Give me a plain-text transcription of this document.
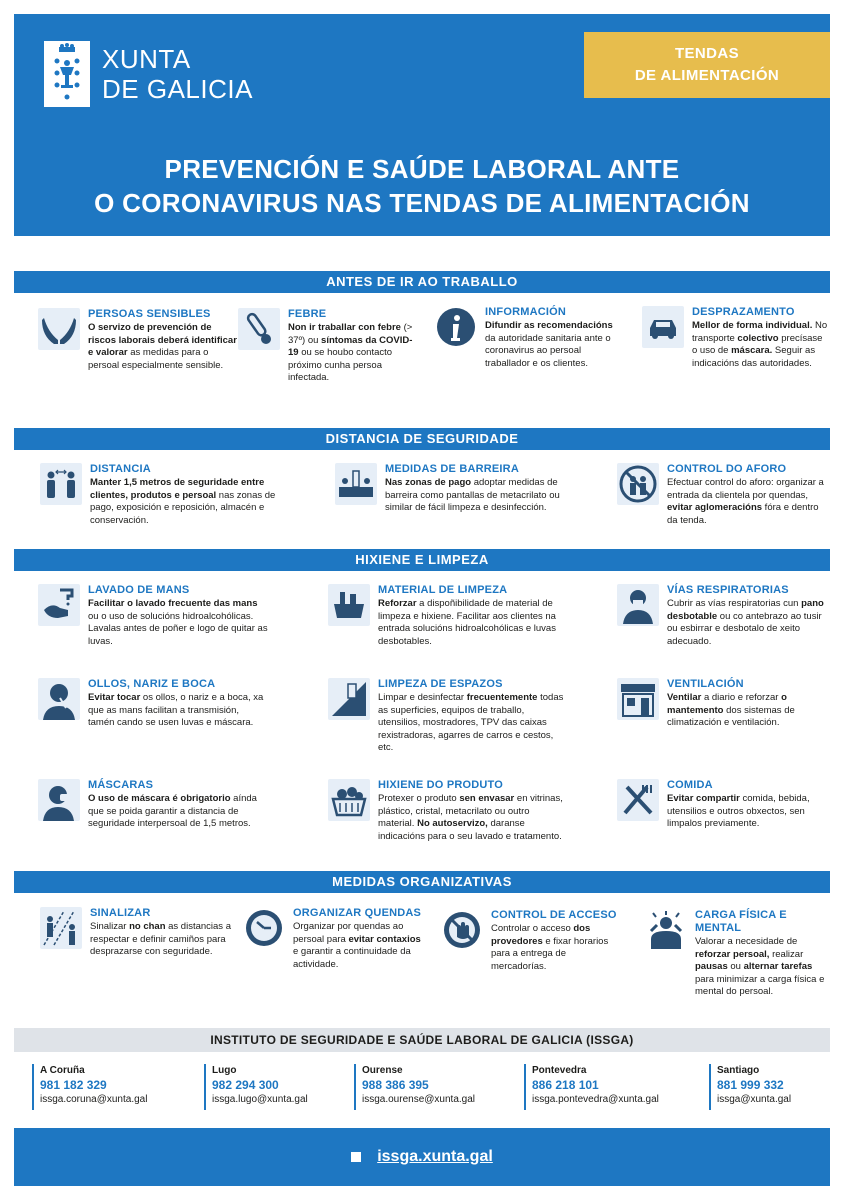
XUNTA
DE GALICIA
TENDAS
DE ALIMENTACIÓN
PREVENCIÓN E SAÚDE LABORAL ANTE
O CORONAVIRUS NAS TENDAS DE ALIMENTACIÓN
ANTES DE IR AO TRABALLO
PERSOAS SENSIBLES
O servizo de prevención de riscos laborais deberá identificar e valorar as medidas para o persoal especialmente sensible.
FEBRE
Non ir traballar con febre (> 37º) ou síntomas da COVID-19 ou se houbo contacto próximo cunha persoa infectada.
INFORMACIÓN
Difundir as recomendacións da autoridade sanitaria ante o coronavirus ao persoal traballador e os clientes.
DESPRAZAMENTO
Mellor de forma individual. No transporte colectivo precísase o uso de máscara. Seguir as indicacións das autoridades.
DISTANCIA DE SEGURIDADE
DISTANCIA
Manter 1,5 metros de seguridade entre clientes, produtos e persoal nas zonas de pago, exposición e reposición, almacén e conservación.
MEDIDAS DE BARREIRA
Nas zonas de pago adoptar medidas de barreira como pantallas de metacrilato ou similar de fácil limpeza e desinfección.
CONTROL DO AFORO
Efectuar control do aforo: organizar a entrada da clientela por quendas, evitar aglomeracións fóra e dentro da tenda.
HIXIENE E LIMPEZA
LAVADO DE MANS
Facilitar o lavado frecuente das mans ou o uso de solucións hidroalcohólicas. Lavalas antes de poñer e logo de quitar as luvas.
MATERIAL DE LIMPEZA
Reforzar a dispoñibilidade de material de limpeza e hixiene. Facilitar aos clientes na entrada solucións hidroalcohólicas e luvas desbotables.
VÍAS RESPIRATORIAS
Cubrir as vías respiratorias cun pano desbotable ou co antebrazo ao tusir ou esbirrar e desbotalo de xeito adecuado.
OLLOS, NARIZ E BOCA
Evitar tocar os ollos, o nariz e a boca, xa que as mans facilitan a transmisión, tamén cando se usen luvas e máscara.
LIMPEZA DE ESPAZOS
Limpar e desinfectar frecuentemente todas as superficies, equipos de traballo, utensilios, mostradores, TPV das caixas rexistradoras, agarres de carros e cestos, etc.
VENTILACIÓN
Ventilar a diario e reforzar o mantemento dos sistemas de climatización e ventilación.
MÁSCARAS
O uso de máscara é obrigatorio aínda que se poida garantir a distancia de seguridade interpersoal de 1,5 metros.
HIXIENE DO PRODUTO
Protexer o produto sen envasar en vitrinas, plástico, cristal, metacrilato ou outro material. No autoservizo, daranse indicacións para o seu lavado e tratamento.
COMIDA
Evitar compartir comida, bebida, utensilios e outros obxectos, sen limpalos previamente.
MEDIDAS ORGANIZATIVAS
SINALIZAR
Sinalizar no chan as distancias a respectar e definir camiños para desprazarse con seguridade.
ORGANIZAR QUENDAS
Organizar por quendas ao persoal para evitar contaxios e garantir a continuidade da actividade.
CONTROL DE ACCESO
Controlar o acceso dos provedores e fixar horarios para a entrega de mercadorías.
CARGA FÍSICA E MENTAL
Valorar a necesidade de reforzar persoal, realizar pausas ou alternar tarefas para minimizar a carga física e mental do persoal.
INSTITUTO DE SEGURIDADE E SAÚDE LABORAL DE GALICIA (ISSGA)
A Coruña
981 182 329
issga.coruna@xunta.gal
Lugo
982 294 300
issga.lugo@xunta.gal
Ourense
988 386 395
issga.ourense@xunta.gal
Pontevedra
886 218 101
issga.pontevedra@xunta.gal
Santiago
881 999 332
issga@xunta.gal
issga.xunta.gal
